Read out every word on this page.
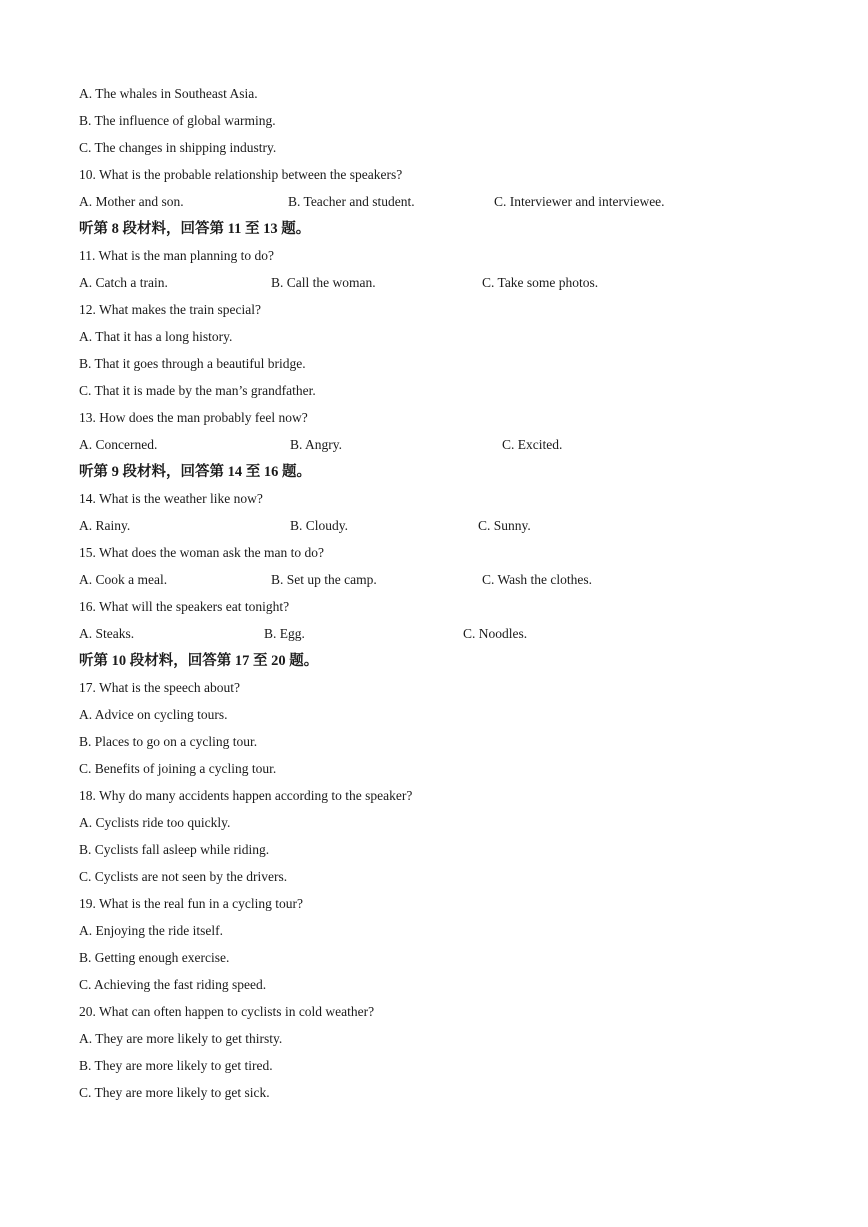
A. The whales in Southeast Asia.
B. The influence of global warming.
C. The changes in shipping industry.
10. What is the probable relationship between the speakers?
A. Mother and son.	B. Teacher and student.	C. Interviewer and interviewee.
听第 8 段材料，回答第 11 至 13 题。
11. What is the man planning to do?
A. Catch a train.	B. Call the woman.	C. Take some photos.
12. What makes the train special?
A. That it has a long history.
B. That it goes through a beautiful bridge.
C. That it is made by the man’s grandfather.
13. How does the man probably feel now?
A. Concerned.	B. Angry.	C. Excited.
听第 9 段材料，回答第 14 至 16 题。
14. What is the weather like now?
A. Rainy.	B. Cloudy.	C. Sunny.
15. What does the woman ask the man to do?
A. Cook a meal.	B. Set up the camp.	C. Wash the clothes.
16. What will the speakers eat tonight?
A. Steaks.	B. Egg.	C. Noodles.
听第 10 段材料，回答第 17 至 20 题。
17. What is the speech about?
A. Advice on cycling tours.
B. Places to go on a cycling tour.
C. Benefits of joining a cycling tour.
18. Why do many accidents happen according to the speaker?
A. Cyclists ride too quickly.
B. Cyclists fall asleep while riding.
C. Cyclists are not seen by the drivers.
19. What is the real fun in a cycling tour?
A. Enjoying the ride itself.
B. Getting enough exercise.
C. Achieving the fast riding speed.
20. What can often happen to cyclists in cold weather?
A. They are more likely to get thirsty.
B. They are more likely to get tired.
C. They are more likely to get sick.
